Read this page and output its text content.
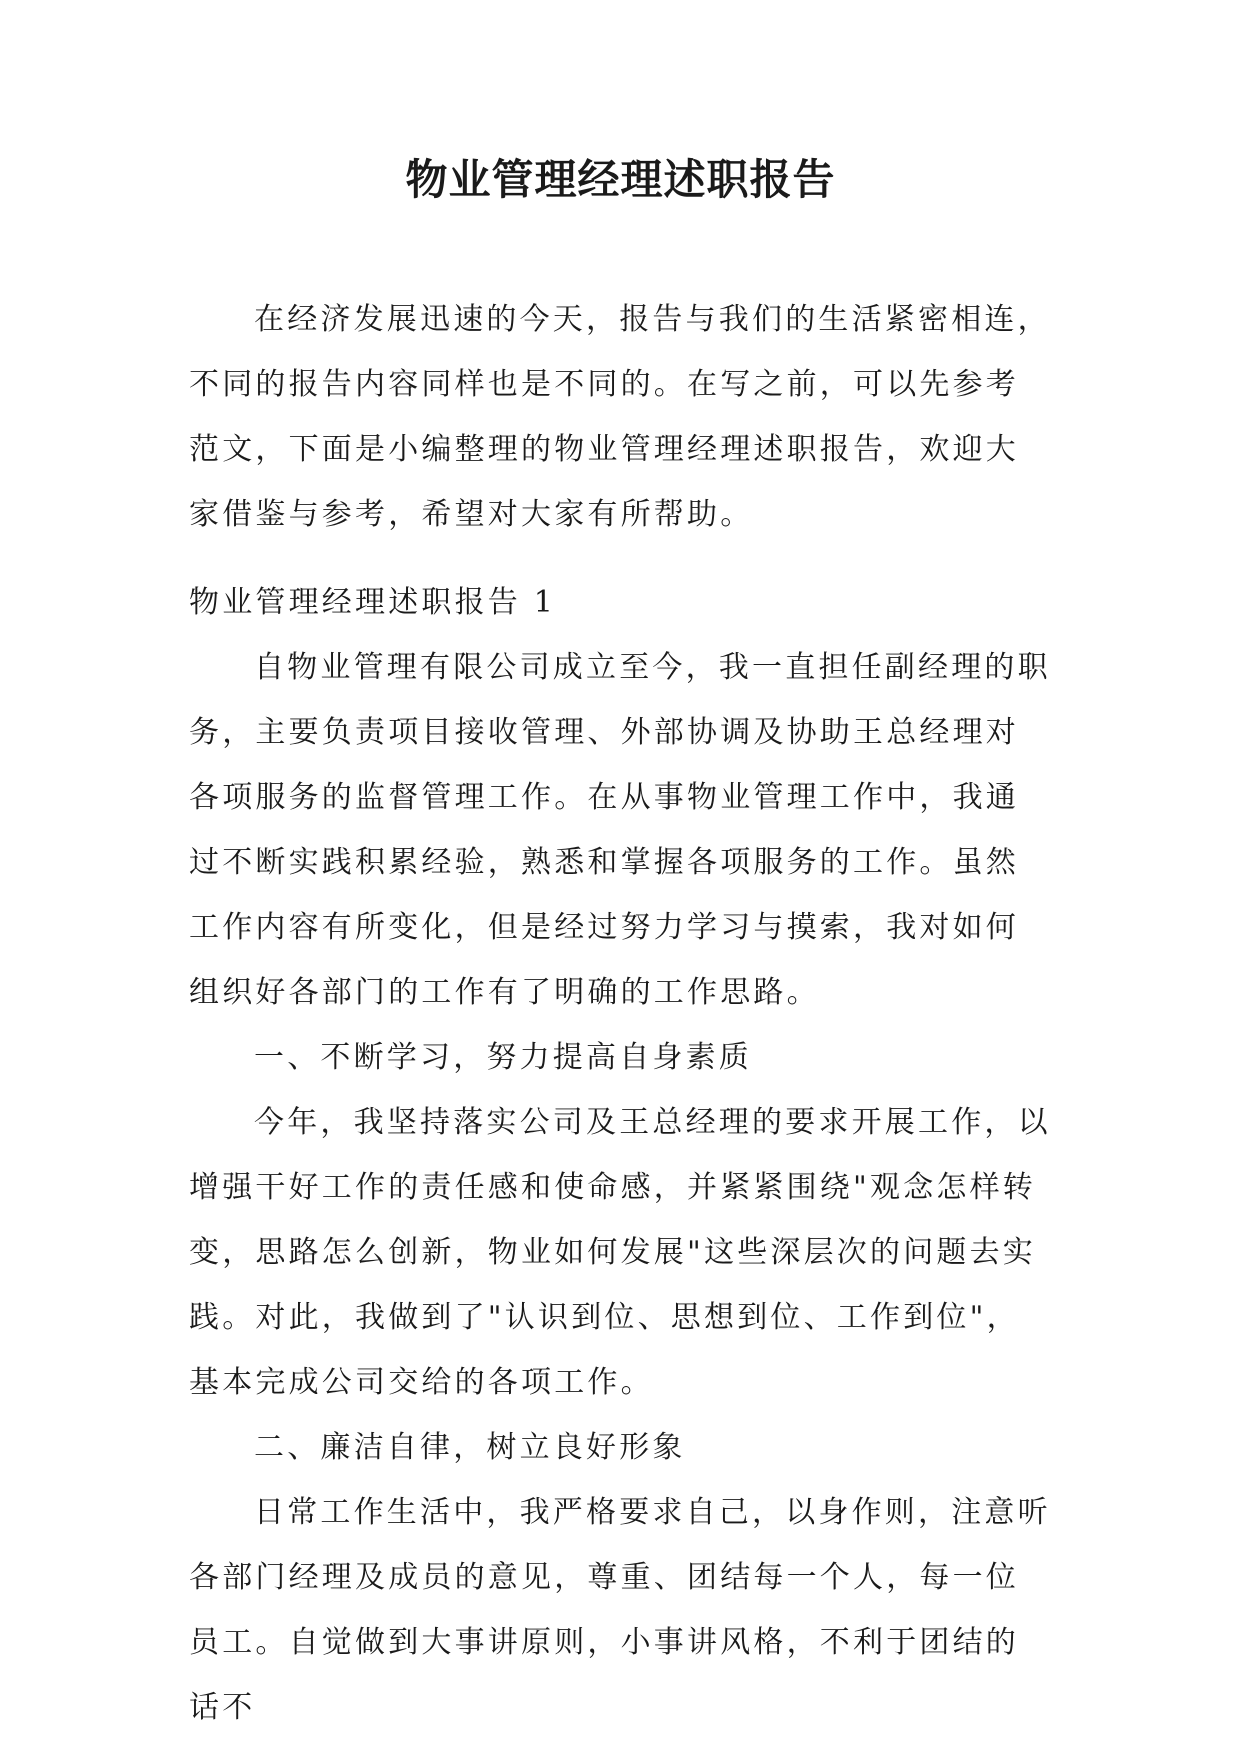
物业管理经理述职报告

在经济发展迅速的今天，报告与我们的生活紧密相连，不同的报告内容同样也是不同的。在写之前，可以先参考范文，下面是小编整理的物业管理经理述职报告，欢迎大家借鉴与参考，希望对大家有所帮助。

物业管理经理述职报告 1

自物业管理有限公司成立至今，我一直担任副经理的职务，主要负责项目接收管理、外部协调及协助王总经理对各项服务的监督管理工作。在从事物业管理工作中，我通过不断实践积累经验，熟悉和掌握各项服务的工作。虽然工作内容有所变化，但是经过努力学习与摸索，我对如何组织好各部门的工作有了明确的工作思路。

一、不断学习，努力提高自身素质

今年，我坚持落实公司及王总经理的要求开展工作，以增强干好工作的责任感和使命感，并紧紧围绕"观念怎样转变，思路怎么创新，物业如何发展"这些深层次的问题去实践。对此，我做到了"认识到位、思想到位、工作到位"，基本完成公司交给的各项工作。

二、廉洁自律，树立良好形象

日常工作生活中，我严格要求自己，以身作则，注意听各部门经理及成员的意见，尊重、团结每一个人，每一位员工。自觉做到大事讲原则，小事讲风格，不利于团结的话不
